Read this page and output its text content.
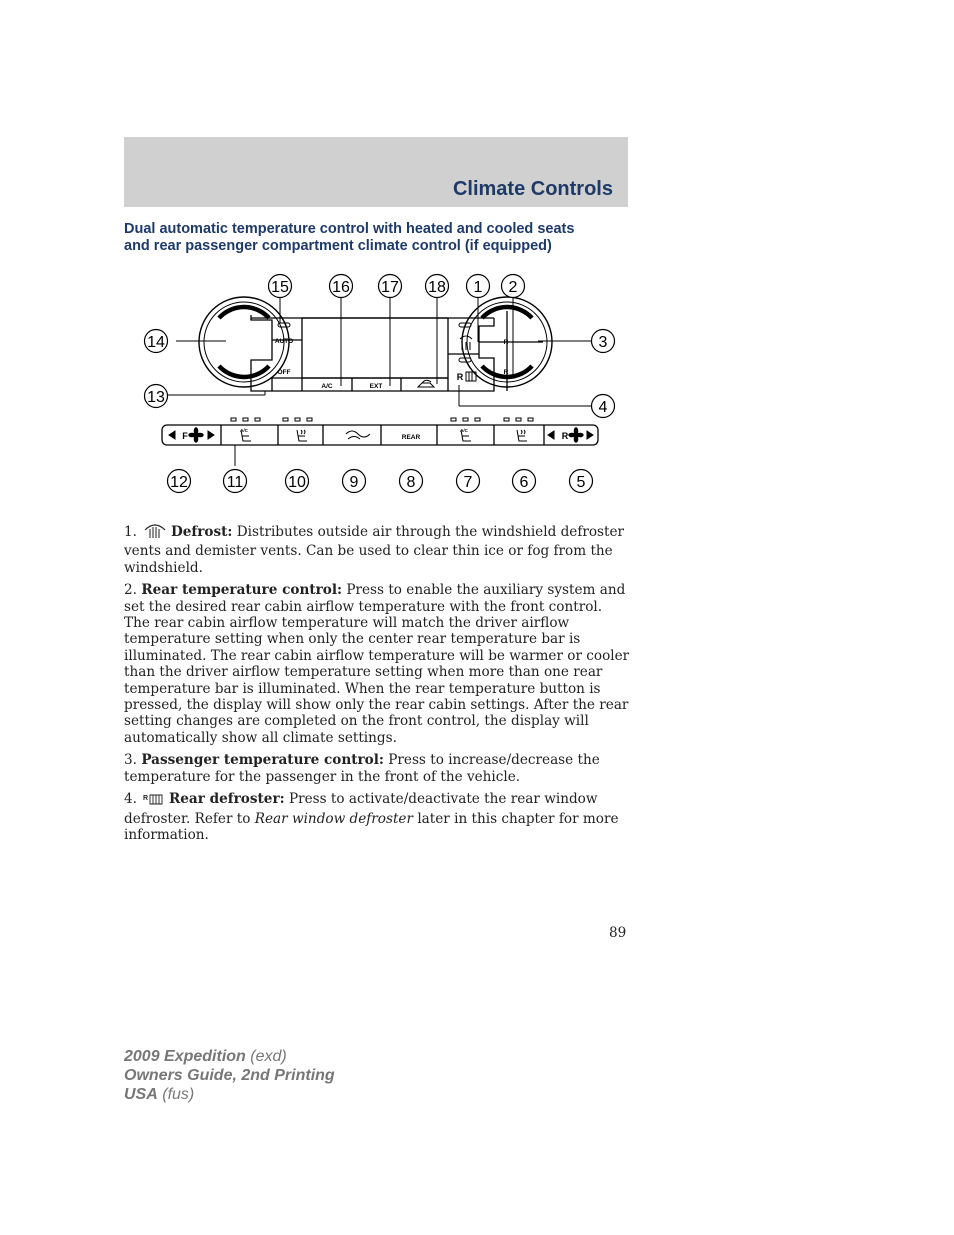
Climate Controls
Dual automatic temperature control with heated and cooled seats
and rear passenger compartment climate control (if equipped)
AUTO
OFF
A/C	EXT
REAR
R
R
R
F	R
A/C	A/C
15	16 17 18 1 2
14
13
3
4
12 11	10	9	8	7	6	5

1.	Defrost: Distributes outside air through the windshield defroster vents and demister vents. Can be used to clear thin ice or fog from the windshield.

2. Rear temperature control: Press to enable the auxiliary system and set the desired rear cabin airflow temperature with the front control. The rear cabin airflow temperature will match the driver airflow temperature setting when only the center rear temperature bar is illuminated. The rear cabin airflow temperature will be warmer or cooler than the driver airflow temperature setting when more than one rear temperature bar is illuminated. When the rear temperature button is pressed, the display will show only the rear cabin settings. After the rear setting changes are completed on the front control, the display will automatically show all climate settings.

3. Passenger temperature control: Press to increase/decrease the temperature for the passenger in the front of the vehicle.

4. R Rear defroster: Press to activate/deactivate the rear window defroster. Refer to Rear window defroster later in this chapter for more information.

89
2009 Expedition (exd)
Owners Guide, 2nd Printing
USA (fus)
